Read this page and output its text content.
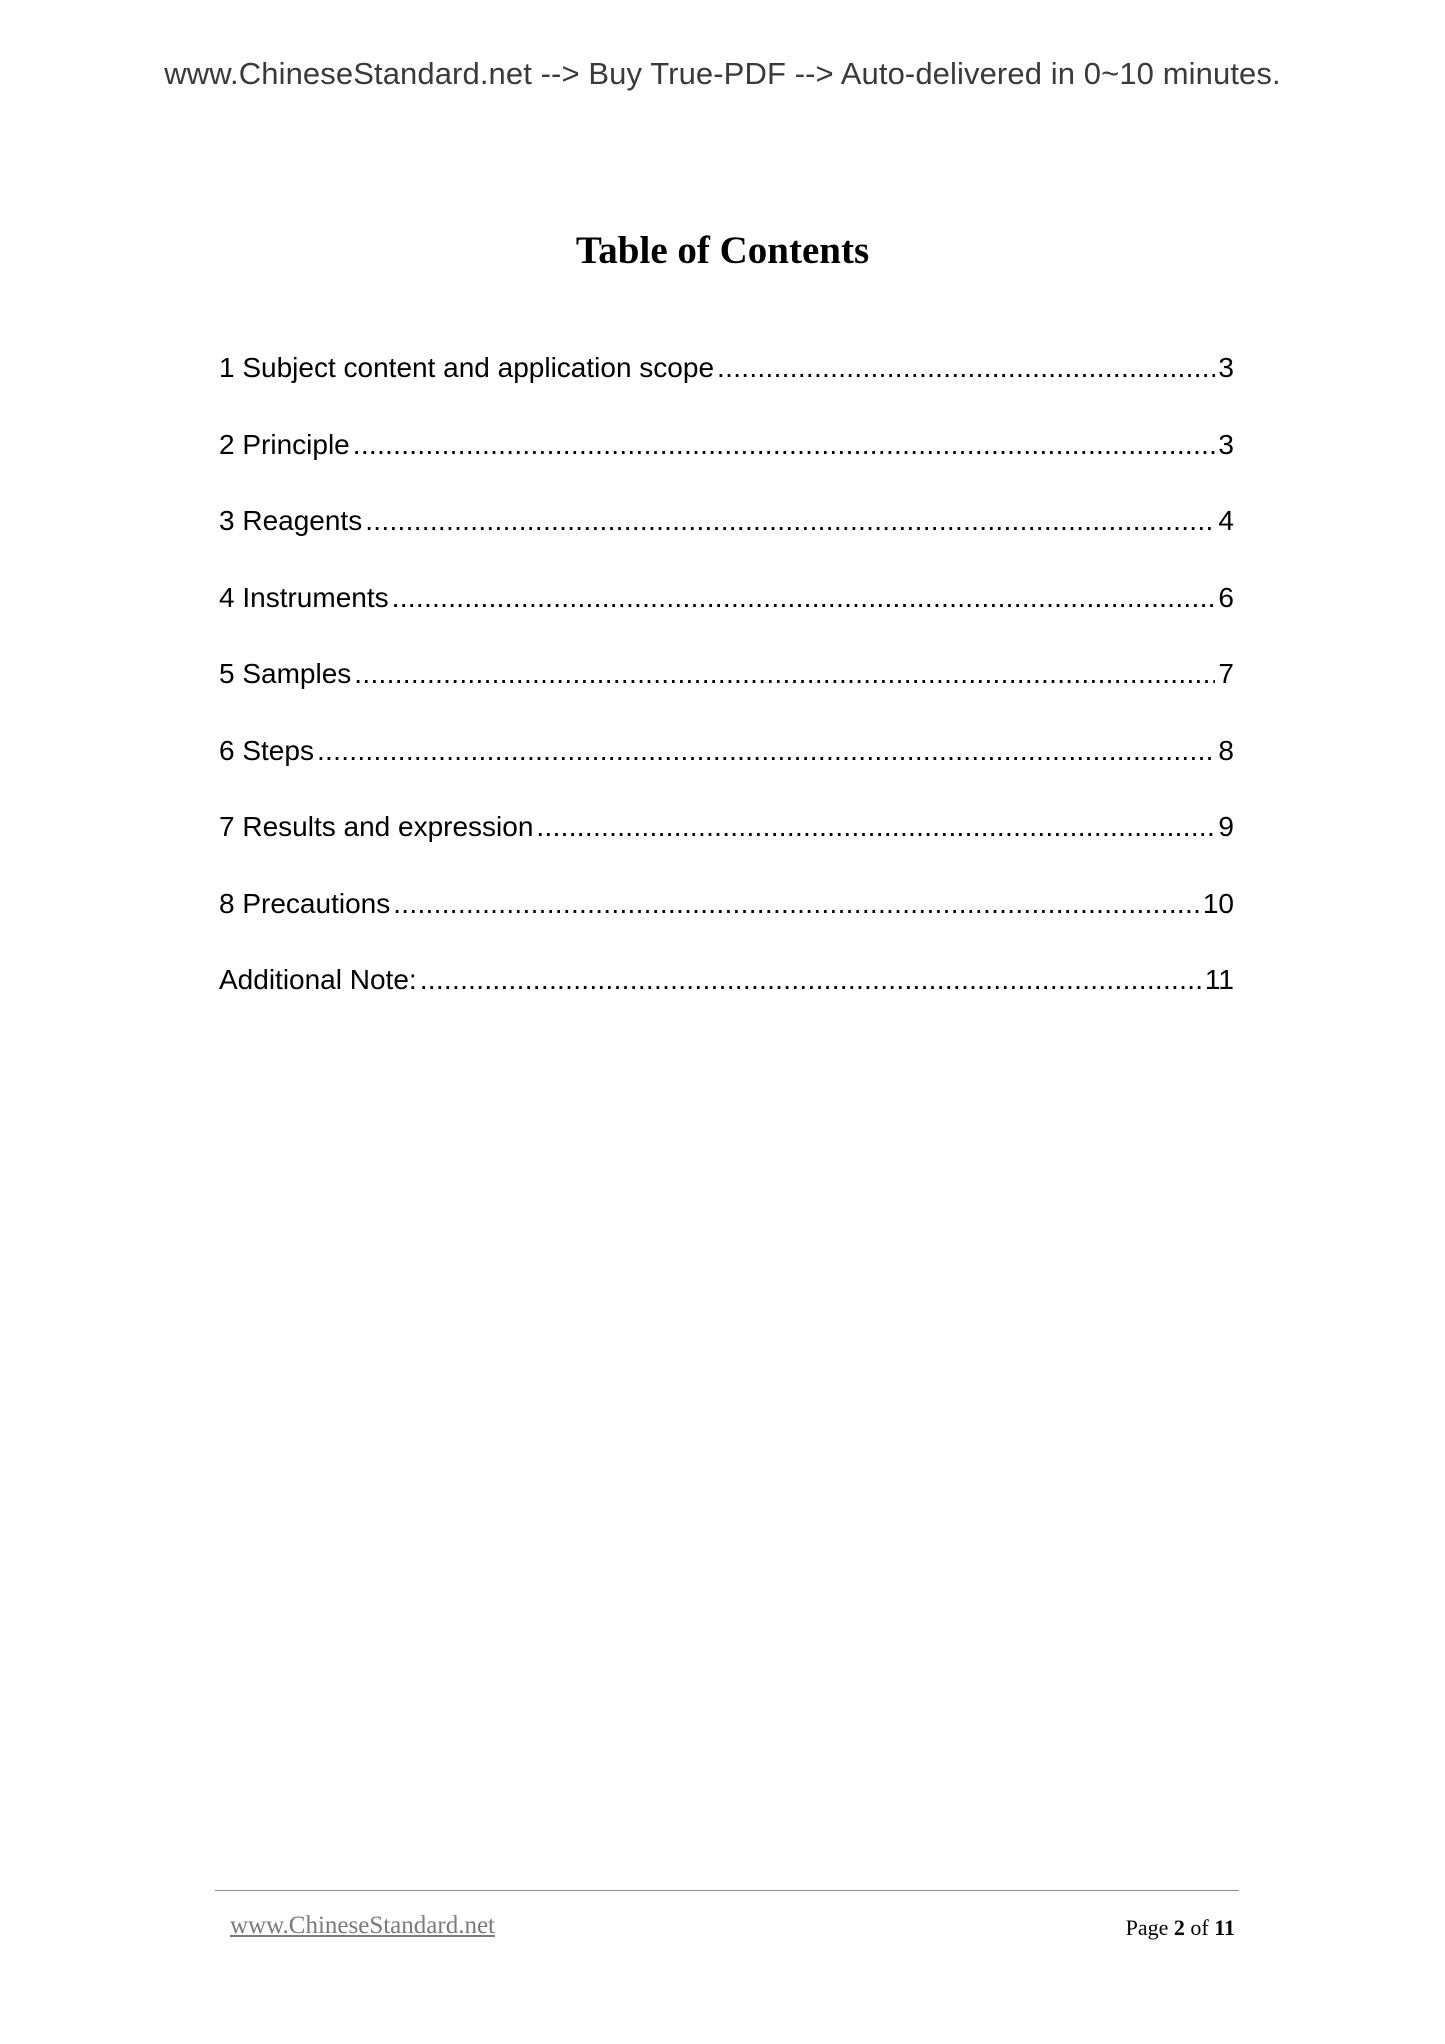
www.ChineseStandard.net --> Buy True-PDF --> Auto-delivered in 0~10 minutes.
Table of Contents
1 Subject content and application scope .....	3
2 Principle .....	3
3 Reagents .....	4
4 Instruments .....	6
5 Samples .....	7
6 Steps .....	8
7 Results and expression .....	9
8 Precautions .....	10
Additional Note: .....	11
www.ChineseStandard.net	Page 2 of 11
